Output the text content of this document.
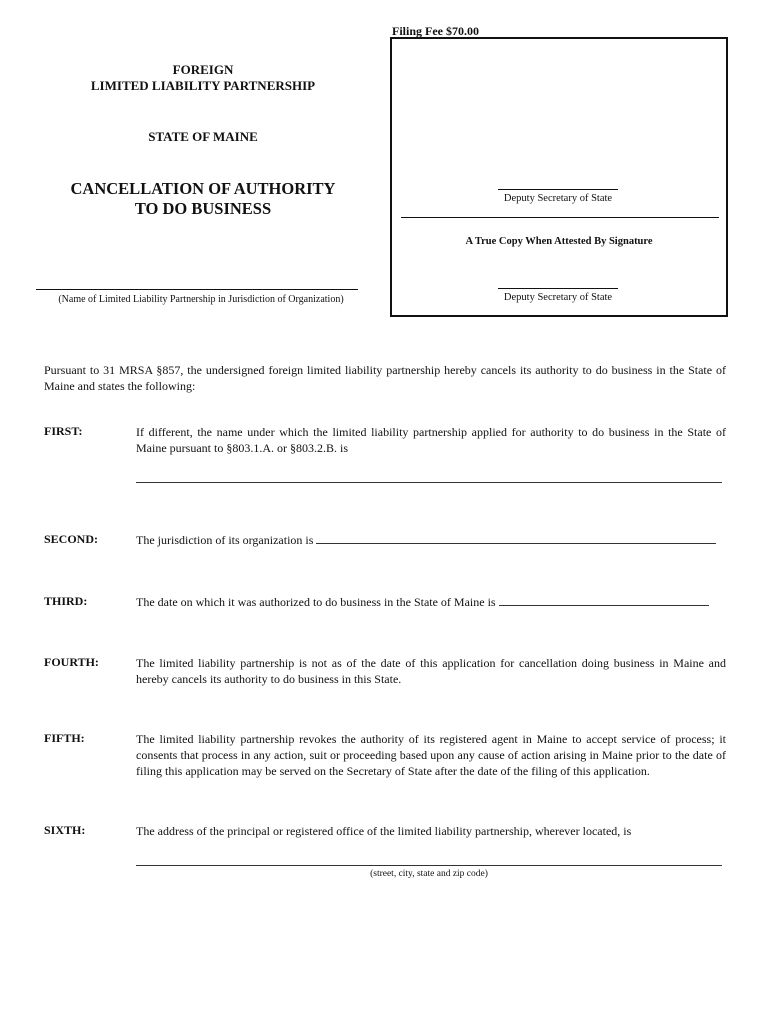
Filing Fee $70.00
FOREIGN
LIMITED LIABILITY PARTNERSHIP
STATE OF MAINE
CANCELLATION OF AUTHORITY
TO DO BUSINESS
(Name of Limited Liability Partnership in Jurisdiction of Organization)
Deputy Secretary of State
A True Copy When Attested By Signature
Deputy Secretary of State
Pursuant to 31 MRSA §857, the undersigned foreign limited liability partnership hereby cancels its authority to do business in the State of Maine and states the following:
FIRST:	If different, the name under which the limited liability partnership applied for authority to do business in the State of Maine pursuant to §803.1.A. or §803.2.B. is
SECOND:	The jurisdiction of its organization is
THIRD:	The date on which it was authorized to do business in the State of Maine is
FOURTH:	The limited liability partnership is not as of the date of this application for cancellation doing business in Maine and hereby cancels its authority to do business in this State.
FIFTH:	The limited liability partnership revokes the authority of its registered agent in Maine to accept service of process; it consents that process in any action, suit or proceeding based upon any cause of action arising in Maine prior to the date of filing this application may be served on the Secretary of State after the date of the filing of this application.
SIXTH:	The address of the principal or registered office of the limited liability partnership, wherever located, is
(street, city, state and zip code)
